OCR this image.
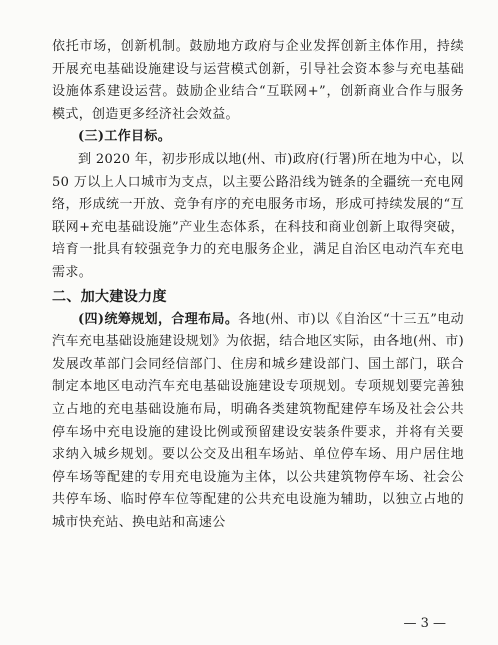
依托市场，创新机制。鼓励地方政府与企业发挥创新主体作用，持续开展充电基础设施建设与运营模式创新，引导社会资本参与充电基础设施体系建设运营。鼓励企业结合“互联网+”，创新商业合作与服务模式，创造更多经济社会效益。

(三)工作目标。

到 2020 年，初步形成以地(州、市)政府(行署)所在地为中心，以 50 万以上人口城市为支点，以主要公路沿线为链条的全疆统一充电网络，形成统一开放、竞争有序的充电服务市场，形成可持续发展的“互联网+充电基础设施”产业生态体系，在科技和商业创新上取得突破，培育一批具有较强竞争力的充电服务企业，满足自治区电动汽车充电需求。

二、加大建设力度

(四)统筹规划，合理布局。各地(州、市)以《自治区“十三五”电动汽车充电基础设施建设规划》为依据，结合地区实际，由各地(州、市)发展改革部门会同经信部门、住房和城乡建设部门、国土部门，联合制定本地区电动汽车充电基础设施建设专项规划。专项规划要完善独立占地的充电基础设施布局，明确各类建筑物配建停车场及社会公共停车场中充电设施的建设比例或预留建设安装条件要求，并将有关要求纳入城乡规划。要以公交及出租车场站、单位停车场、用户居住地停车场等配建的专用充电设施为主体，以公共建筑物停车场、社会公共停车场、临时停车位等配建的公共充电设施为辅助，以独立占地的城市快充站、换电站和高速公

— 3 —
